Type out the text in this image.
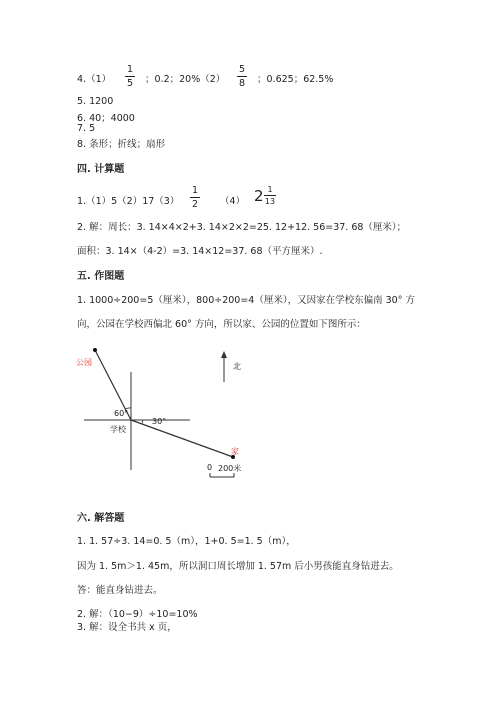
4.（1）
1
5 ；0.2；20%（2）
5
8 ；0.625；62.5%
5. 1200
6. 40；4000
7. 5
8. 条形；折线；扇形
四. 计算题
1.（1）5（2）17（3）
1
2 （4） 2 1
13
2. 解：周长：3. 14×4×2+3. 14×2×2=25. 12+12. 56=37. 68（厘米）；
面积：3. 14×（4-2）=3. 14×12=37. 68（平方厘米）.
五. 作图题
1. 1000÷200=5（厘米），800÷200=4（厘米），又因家在学校东偏南 30° 方
向，公园在学校西偏北 60° 方向，所以家、公园的位置如下图所示：
公园
60°
30°
学校
北
家
0 200米
六. 解答题
1. 1. 57÷3. 14=0. 5（m），1+0. 5=1. 5（m），
因为 1. 5m＞1. 45m，所以洞口周长增加 1. 57m 后小男孩能直身钻进去。
答：能直身钻进去。
2. 解：（10−9）÷10=10%
3. 解：设全书共 x 页，
